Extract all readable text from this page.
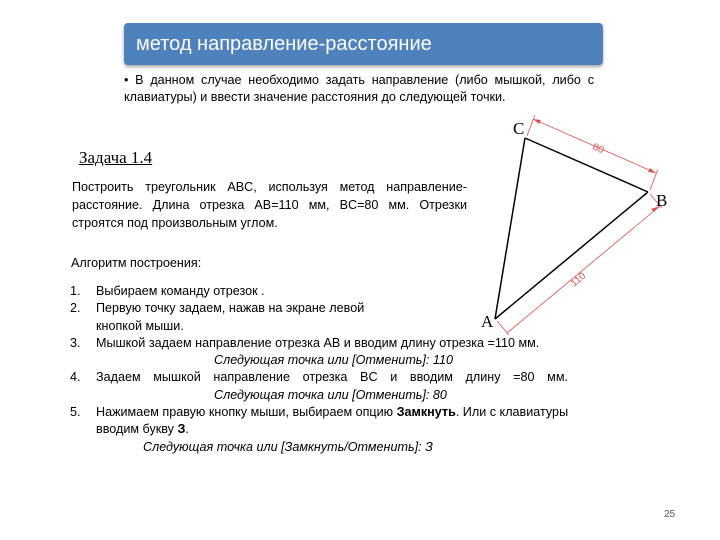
метод направление-расстояние
• В данном случае необходимо задать направление (либо мышкой, либо с клавиатуры) и ввести значение расстояния до следующей точки.
Задача 1.4
Построить треугольник ABC, используя метод направление-расстояние. Длина отрезка AB=110 мм, BC=80 мм. Отрезки строятся под произвольным углом.
Алгоритм построения:
1. Выбираем команду отрезок .
2. Первую точку задаем, нажав на экране левой кнопкой мыши.
3. Мышкой задаем направление отрезка AB и вводим длину отрезка =110 мм.
Следующая точка или [Отменить]: 110
4. Задаем мышкой направление отрезка BC и вводим длину =80 мм.
Следующая точка или [Отменить]: 80
5. Нажимаем правую кнопку мыши, выбираем опцию Замкнуть. Или с клавиатуры вводим букву З.
Следующая точка или [Замкнуть/Отменить]: З
80
110
C
B
A
25
